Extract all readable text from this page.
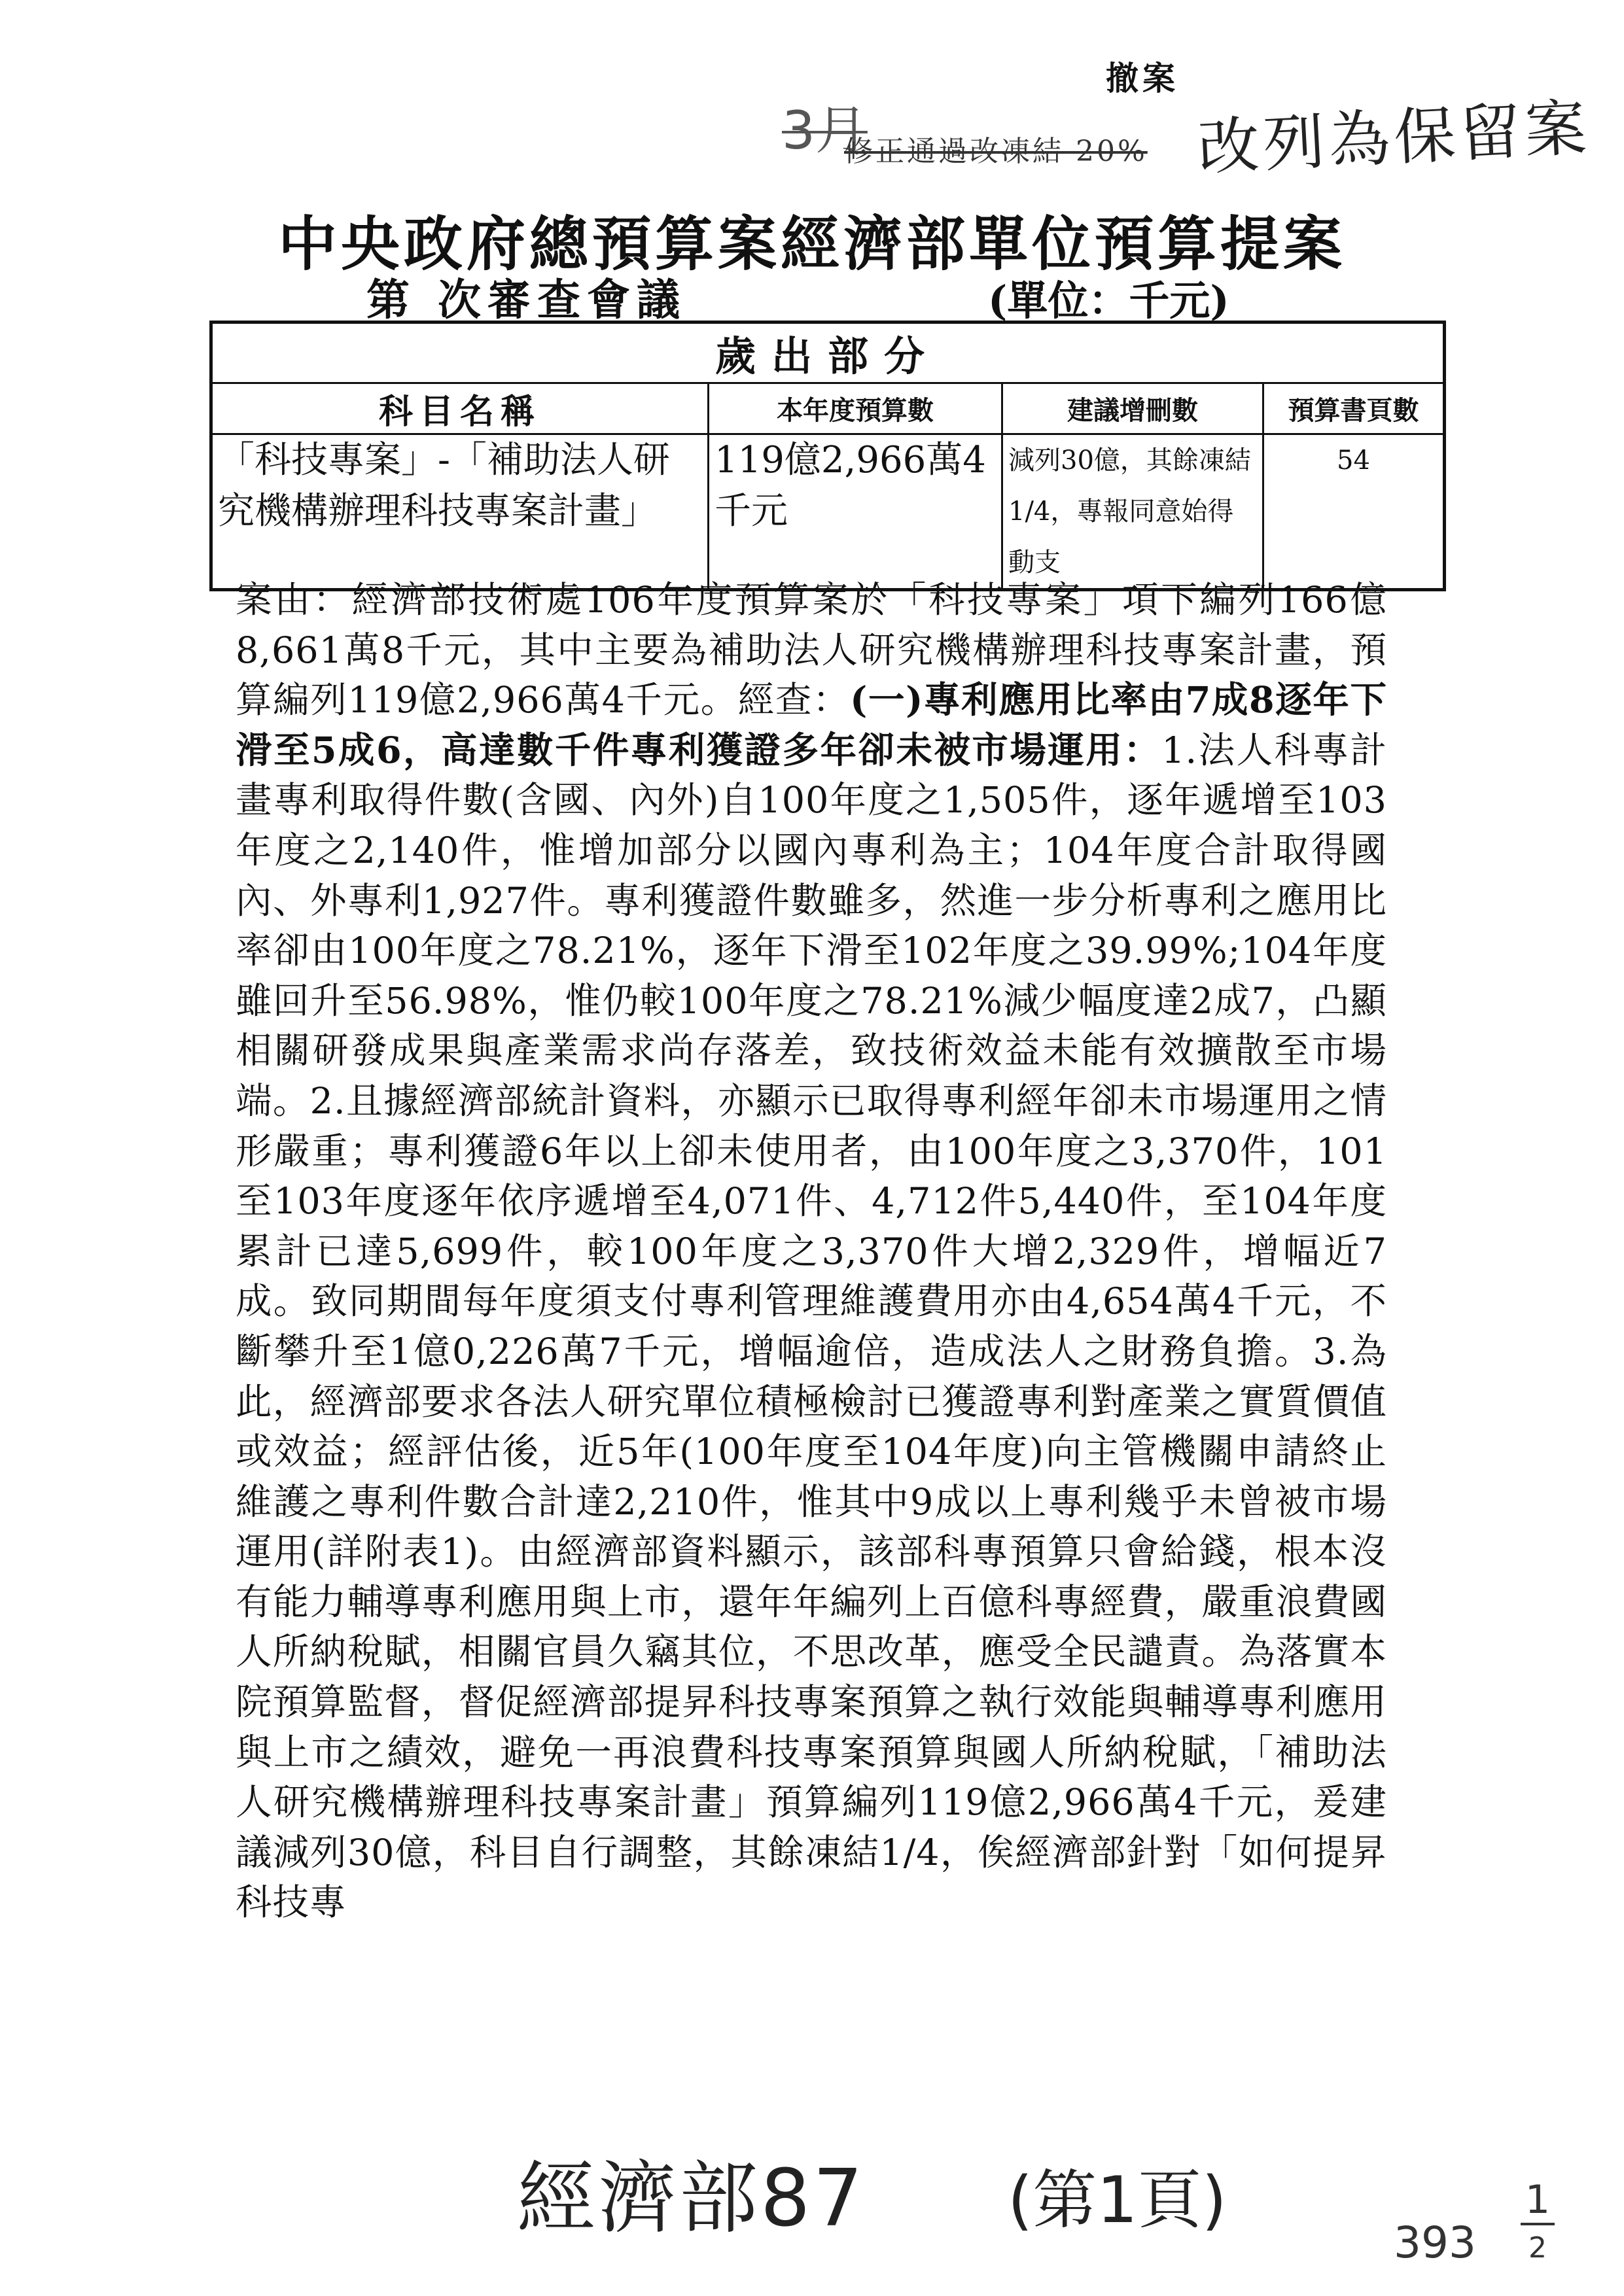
撤案
3月
修正通過改凍結 20% 改列為保留案
中央政府總預算案經濟部單位預算提案
第 次審查會議	(單位：千元)
歲出部分			
科目名稱	本年度預算數	建議增刪數	預算書頁數
「科技專案」-「補助法人研究機構辦理科技專案計畫」	119億2,966萬4千元	減列30億，其餘凍結1/4，專報同意始得動支	54

案由：經濟部技術處106年度預算案於「科技專案」項下編列166億8,661萬8千元，其中主要為補助法人研究機構辦理科技專案計畫，預算編列119億2,966萬4千元。經查：(一)專利應用比率由7成8逐年下滑至5成6，高達數千件專利獲證多年卻未被市場運用：1.法人科專計畫專利取得件數(含國、內外)自100年度之1,505件，逐年遞增至103年度之2,140件，惟增加部分以國內專利為主；104年度合計取得國內、外專利1,927件。專利獲證件數雖多，然進一步分析專利之應用比率卻由100年度之78.21%，逐年下滑至102年度之39.99%;104年度雖回升至56.98%，惟仍較100年度之78.21%減少幅度達2成7，凸顯相關研發成果與產業需求尚存落差，致技術效益未能有效擴散至市場端。2.且據經濟部統計資料，亦顯示已取得專利經年卻未市場運用之情形嚴重；專利獲證6年以上卻未使用者，由100年度之3,370件，101至103年度逐年依序遞增至4,071件、4,712件5,440件，至104年度累計已達5,699件，較100年度之3,370件大增2,329件，增幅近7成。致同期間每年度須支付專利管理維護費用亦由4,654萬4千元，不斷攀升至1億0,226萬7千元，增幅逾倍，造成法人之財務負擔。3.為此，經濟部要求各法人研究單位積極檢討已獲證專利對產業之實質價值或效益；經評估後，近5年(100年度至104年度)向主管機關申請終止維護之專利件數合計達2,210件，惟其中9成以上專利幾乎未曾被市場運用(詳附表1)。由經濟部資料顯示，該部科專預算只會給錢，根本沒有能力輔導專利應用與上市，還年年編列上百億科專經費，嚴重浪費國人所納稅賦，相關官員久竊其位，不思改革，應受全民譴責。為落實本院預算監督，督促經濟部提昇科技專案預算之執行效能與輔導專利應用與上市之績效，避免一再浪費科技專案預算與國人所納稅賦，「補助法人研究機構辦理科技專案計畫」預算編列119億2,966萬4千元，爰建議減列30億，科目自行調整，其餘凍結1/4，俟經濟部針對「如何提昇科技專

經濟部87 (第1頁)
393
1
2
